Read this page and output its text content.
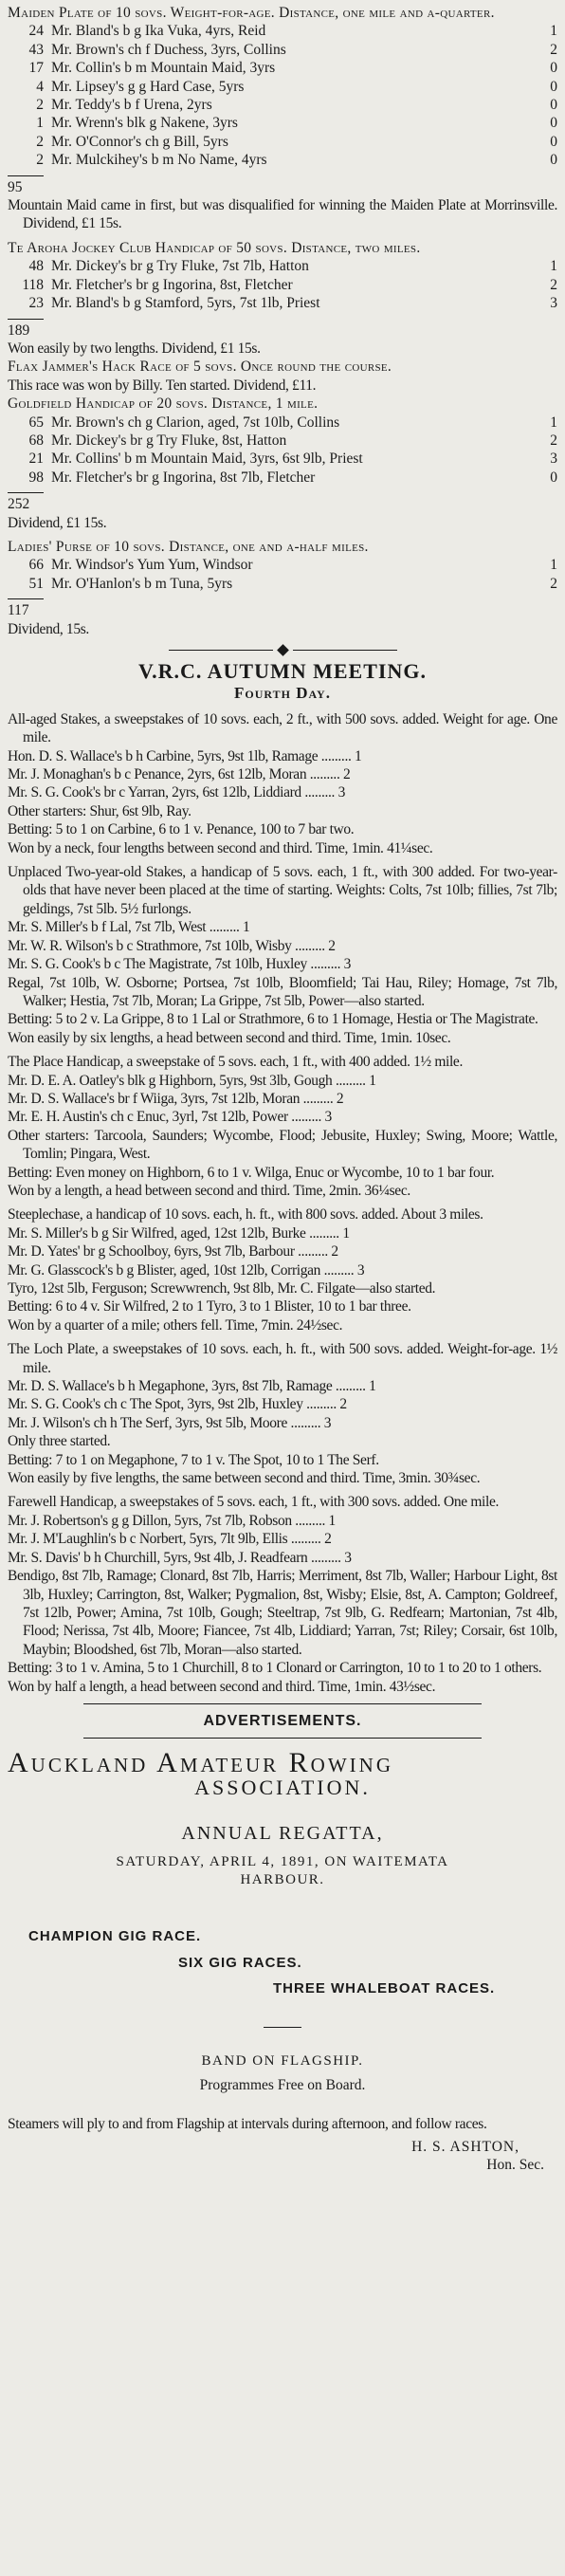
Maiden Plate of 10 sovs. Weight-for-age. Distance, one mile and a-quarter.

24 Mr. Bland's b g Ika Vuka, 4yrs, Reid	1
43 Mr. Brown's ch f Duchess, 3yrs, Collins	2
17 Mr. Collin's b m Mountain Maid, 3yrs	0
4 Mr. Lipsey's g g Hard Case, 5yrs	0
2 Mr. Teddy's b f Urena, 2yrs	0
1 Mr. Wrenn's blk g Nakene, 3yrs	0
2 Mr. O'Connor's ch g Bill, 5yrs	0
2 Mr. Mulckihey's b m No Name, 4yrs	0

95

Mountain Maid came in first, but was disqualified for winning the Maiden Plate at Morrinsville. Dividend, £1 15s.

Te Aroha Jockey Club Handicap of 50 sovs. Distance, two miles.

48 Mr. Dickey's br g Try Fluke, 7st 7lb, Hatton	1
118 Mr. Fletcher's br g Ingorina, 8st, Fletcher	2
23 Mr. Bland's b g Stamford, 5yrs, 7st 1lb, Priest	3

189

Won easily by two lengths. Dividend, £1 15s.

Flax Jammer's Hack Race of 5 sovs. Once round the course.

This race was won by Billy. Ten started. Dividend, £11.

Goldfield Handicap of 20 sovs. Distance, 1 mile.

65 Mr. Brown's ch g Clarion, aged, 7st 10lb, Collins	1
68 Mr. Dickey's br g Try Fluke, 8st, Hatton	2
21 Mr. Collins' b m Mountain Maid, 3yrs, 6st 9lb, Priest	3
98 Mr. Fletcher's br g Ingorina, 8st 7lb, Fletcher	0

252

Dividend, £1 15s.

Ladies' Purse of 10 sovs. Distance, one and a-half miles.

66 Mr. Windsor's Yum Yum, Windsor	1
51 Mr. O'Hanlon's b m Tuna, 5yrs	2

117

Dividend, 15s.

V.R.C. AUTUMN MEETING.
Fourth Day.

All-aged Stakes, a sweepstakes of 10 sovs. each, 2 ft., with 500 sovs. added. Weight for age. One mile.

Hon. D. S. Wallace's b h Carbine, 5yrs, 9st 1lb, Ramage ......... 1

Mr. J. Monaghan's b c Penance, 2yrs, 6st 12lb, Moran ......... 2

Mr. S. G. Cook's br c Yarran, 2yrs, 6st 12lb, Liddiard ......... 3

Other starters: Shur, 6st 9lb, Ray.

Betting: 5 to 1 on Carbine, 6 to 1 v. Penance, 100 to 7 bar two.

Won by a neck, four lengths between second and third. Time, 1min. 41¼sec.

Unplaced Two-year-old Stakes, a handicap of 5 sovs. each, 1 ft., with 300 added. For two-year-olds that have never been placed at the time of starting. Weights: Colts, 7st 10lb; fillies, 7st 7lb; geldings, 7st 5lb. 5½ furlongs.

Mr. S. Miller's b f Lal, 7st 7lb, West ......... 1

Mr. W. R. Wilson's b c Strathmore, 7st 10lb, Wisby ......... 2

Mr. S. G. Cook's b c The Magistrate, 7st 10lb, Huxley ......... 3

Regal, 7st 10lb, W. Osborne; Portsea, 7st 10lb, Bloomfield; Tai Hau, Riley; Homage, 7st 7lb, Walker; Hestia, 7st 7lb, Moran; La Grippe, 7st 5lb, Power—also started.

Betting: 5 to 2 v. La Grippe, 8 to 1 Lal or Strathmore, 6 to 1 Homage, Hestia or The Magistrate.

Won easily by six lengths, a head between second and third. Time, 1min. 10sec.

The Place Handicap, a sweepstake of 5 sovs. each, 1 ft., with 400 added. 1½ mile.

Mr. D. E. A. Oatley's blk g Highborn, 5yrs, 9st 3lb, Gough ......... 1

Mr. D. S. Wallace's br f Wiiga, 3yrs, 7st 12lb, Moran ......... 2

Mr. E. H. Austin's ch c Enuc, 3yrl, 7st 12lb, Power ......... 3

Other starters: Tarcoola, Saunders; Wycombe, Flood; Jebusite, Huxley; Swing, Moore; Wattle, Tomlin; Pingara, West.

Betting: Even money on Highborn, 6 to 1 v. Wilga, Enuc or Wycombe, 10 to 1 bar four.

Won by a length, a head between second and third. Time, 2min. 36¼sec.

Steeplechase, a handicap of 10 sovs. each, h. ft., with 800 sovs. added. About 3 miles.

Mr. S. Miller's b g Sir Wilfred, aged, 12st 12lb, Burke ......... 1

Mr. D. Yates' br g Schoolboy, 6yrs, 9st 7lb, Barbour ......... 2

Mr. G. Glasscock's b g Blister, aged, 10st 12lb, Corrigan ......... 3

Tyro, 12st 5lb, Ferguson; Screwwrench, 9st 8lb, Mr. C. Filgate—also started.

Betting: 6 to 4 v. Sir Wilfred, 2 to 1 Tyro, 3 to 1 Blister, 10 to 1 bar three.

Won by a quarter of a mile; others fell. Time, 7min. 24½sec.

The Loch Plate, a sweepstakes of 10 sovs. each, h. ft., with 500 sovs. added. Weight-for-age. 1½ mile.

Mr. D. S. Wallace's b h Megaphone, 3yrs, 8st 7lb, Ramage ......... 1

Mr. S. G. Cook's ch c The Spot, 3yrs, 9st 2lb, Huxley ......... 2

Mr. J. Wilson's ch h The Serf, 3yrs, 9st 5lb, Moore ......... 3

Only three started.

Betting: 7 to 1 on Megaphone, 7 to 1 v. The Spot, 10 to 1 The Serf.

Won easily by five lengths, the same between second and third. Time, 3min. 30¾sec.

Farewell Handicap, a sweepstakes of 5 sovs. each, 1 ft., with 300 sovs. added. One mile.

Mr. J. Robertson's g g Dillon, 5yrs, 7st 7lb, Robson ......... 1

Mr. J. M'Laughlin's b c Norbert, 5yrs, 7lt 9lb, Ellis ......... 2

Mr. S. Davis' b h Churchill, 5yrs, 9st 4lb, J. Readfearn ......... 3

Bendigo, 8st 7lb, Ramage; Clonard, 8st 7lb, Harris; Merriment, 8st 7lb, Waller; Harbour Light, 8st 3lb, Huxley; Carrington, 8st, Walker; Pygmalion, 8st, Wisby; Elsie, 8st, A. Campton; Goldreef, 7st 12lb, Power; Amina, 7st 10lb, Gough; Steeltrap, 7st 9lb, G. Redfearn; Martonian, 7st 4lb, Flood; Nerissa, 7st 4lb, Moore; Fiancee, 7st 4lb, Liddiard; Yarran, 7st; Riley; Corsair, 6st 10lb, Maybin; Bloodshed, 6st 7lb, Moran—also started.

Betting: 3 to 1 v. Amina, 5 to 1 Churchill, 8 to 1 Clonard or Carrington, 10 to 1 to 20 to 1 others.

Won by half a length, a head between second and third. Time, 1min. 43½sec.

ADVERTISEMENTS.
Auckland Amateur Rowing
ASSOCIATION.

ANNUAL REGATTA,

SATURDAY, APRIL 4, 1891, ON WAITEMATA

HARBOUR.

CHAMPION GIG RACE.
SIX GIG RACES.
THREE WHALEBOAT RACES.

BAND ON FLAGSHIP.

Programmes Free on Board.

Steamers will ply to and from Flagship at intervals during afternoon, and follow races.

H. S. ASHTON,

Hon. Sec.
